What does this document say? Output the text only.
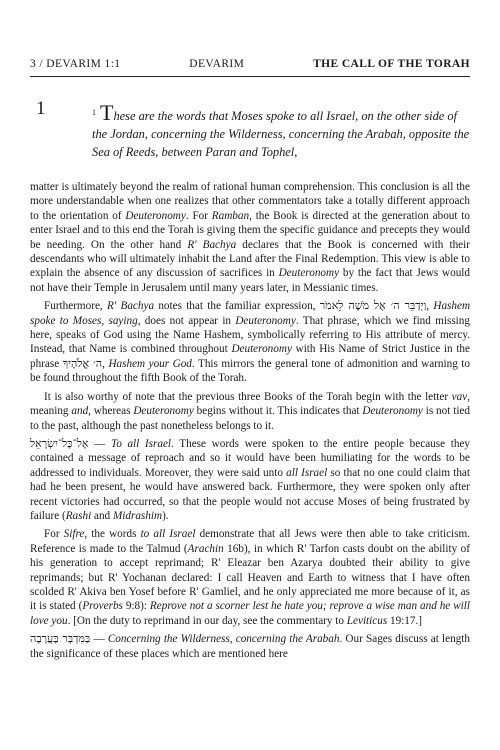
3 / DEVARIM 1:1	DEVARIM	THE CALL OF THE TORAH
1	$^1$ These are the words that Moses spoke to all Israel, on the other side of the Jordan, concerning the Wilderness, concerning the Arabah, opposite the Sea of Reeds, between Paran and Tophel,

matter is ultimately beyond the realm of rational human comprehension. This conclusion is all the more understandable when one realizes that other commentators take a totally different approach to the orientation of Deuteronomy. For Ramban, the Book is directed at the generation about to enter Israel and to this end the Torah is giving them the specific guidance and precepts they would be needing. On the other hand R' Bachya declares that the Book is concerned with their descendants who will ultimately inhabit the Land after the Final Redemption. This view is able to explain the absence of any discussion of sacrifices in Deuteronomy by the fact that Jews would not have their Temple in Jerusalem until many years later, in Messianic times.

Furthermore, R' Bachya notes that the familiar expression, וַיְדַבֵּר ה׳ אֶל מֹשֶׁה לֵאמֹר, Hashem spoke to Moses, saying, does not appear in Deuteronomy. That phrase, which we find missing here, speaks of God using the Name Hashem, symbolically referring to His attribute of mercy. Instead, that Name is combined throughout Deuteronomy with His Name of Strict Justice in the phrase ה׳ אֱלֹהֶיךָ, Hashem your God. This mirrors the general tone of admonition and warning to be found throughout the fifth Book of the Torah.

It is also worthy of note that the previous three Books of the Torah begin with the letter vav, meaning and, whereas Deuteronomy begins without it. This indicates that Deuteronomy is not tied to the past, although the past nonetheless belongs to it.

אֶל־כָּל־יִשְׂרָאֵל — To all Israel. These words were spoken to the entire people because they contained a message of reproach and so it would have been humiliating for the words to be addressed to individuals. Moreover, they were said unto all Israel so that no one could claim that had he been present, he would have answered back. Furthermore, they were spoken only after recent victories had occurred, so that the people would not accuse Moses of being frustrated by failure (Rashi and Midrashim).

For Sifre, the words to all Israel demonstrate that all Jews were then able to take criticism. Reference is made to the Talmud (Arachin 16b), in which R' Tarfon casts doubt on the ability of his generation to accept reprimand; R' Eleazar ben Azarya doubted their ability to give reprimands; but R' Yochanan declared: I call Heaven and Earth to witness that I have often scolded R' Akiva ben Yosef before R' Gamliel, and he only appreciated me more because of it, as it is stated (Proverbs 9:8): Reprove not a scorner lest he hate you; reprove a wise man and he will love you. [On the duty to reprimand in our day, see the commentary to Leviticus 19:17.]

בַּמִּדְבָּר בָּעֲרָבָה — Concerning the Wilderness, concerning the Arabah. Our Sages discuss at length the significance of these places which are mentioned here
